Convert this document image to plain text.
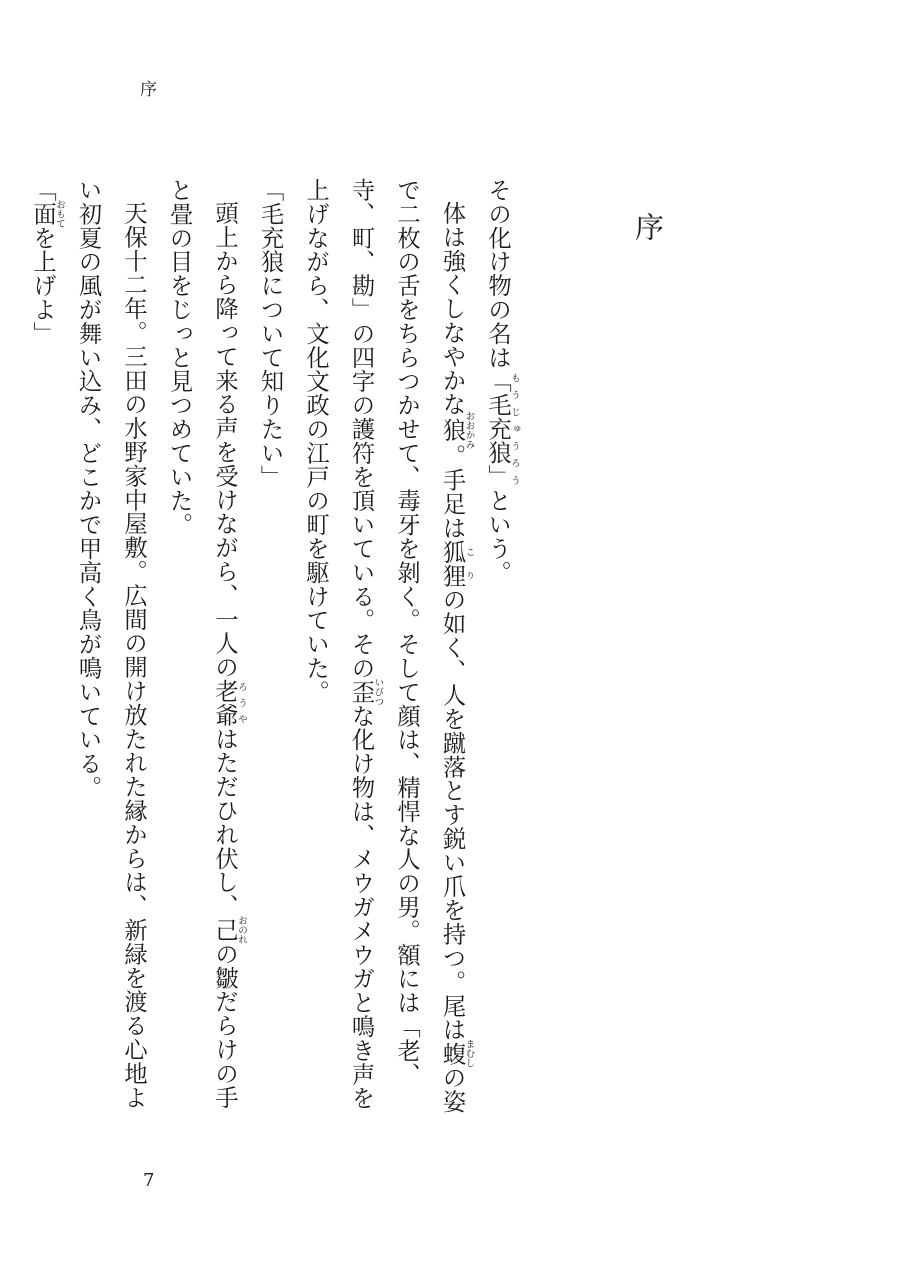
序
序

その化け物の名は「毛充狼」もうじゅうろうという。

体は強くしなやかな狼おおかみ。手足は狐狸こりの如く、人を蹴落とす鋭い爪を持つ。尾は蝮まむしの姿で二枚の舌をちらつかせて、毒牙を剝く。そして顔は、精悍な人の男。額には「老、寺、町、勘」の四字の護符を頂いている。その歪いびつな化け物は、メウガメウガと鳴き声を上げながら、文化文政の江戸の町を駆けていた。

「毛充狼について知りたい」

頭上から降って来る声を受けながら、一人の老爺ろうやはただひれ伏し、己おのれの皺だらけの手と畳の目をじっと見つめていた。

天保十二年。三田の水野家中屋敷。広間の開け放たれた縁からは、新緑を渡る心地よい初夏の風が舞い込み、どこかで甲高く鳥が鳴いている。

「面おもてを上げよ」

7
